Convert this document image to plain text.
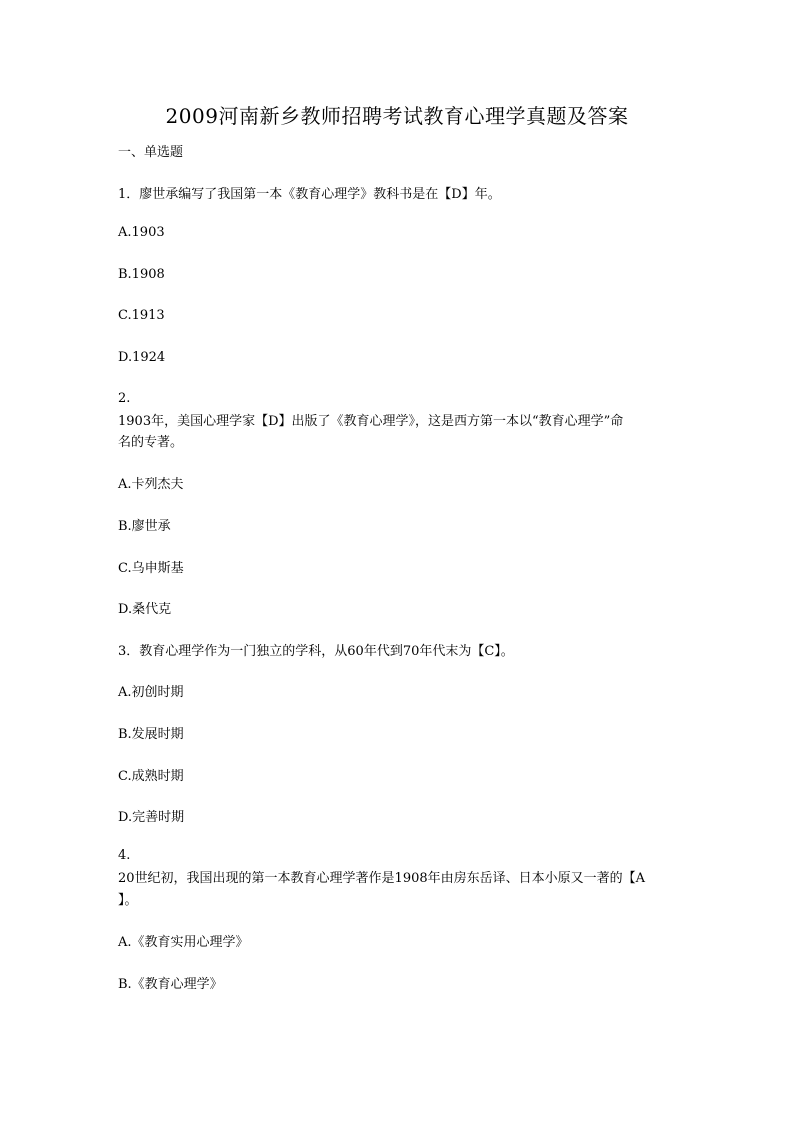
2009河南新乡教师招聘考试教育心理学真题及答案
一、单选题
1．廖世承编写了我国第一本《教育心理学》教科书是在【D】年。
A.1903
B.1908
C.1913
D.1924
2.
1903年，美国心理学家【D】出版了《教育心理学》，这是西方第一本以“教育心理学”命
名的专著。
A.卡列杰夫
B.廖世承
C.乌申斯基
D.桑代克
3．教育心理学作为一门独立的学科，从60年代到70年代末为【C】。
A.初创时期
B.发展时期
C.成熟时期
D.完善时期
4.
20世纪初，我国出现的第一本教育心理学著作是1908年由房东岳译、日本小原又一著的【A
】。
A.《教育实用心理学》
B.《教育心理学》
